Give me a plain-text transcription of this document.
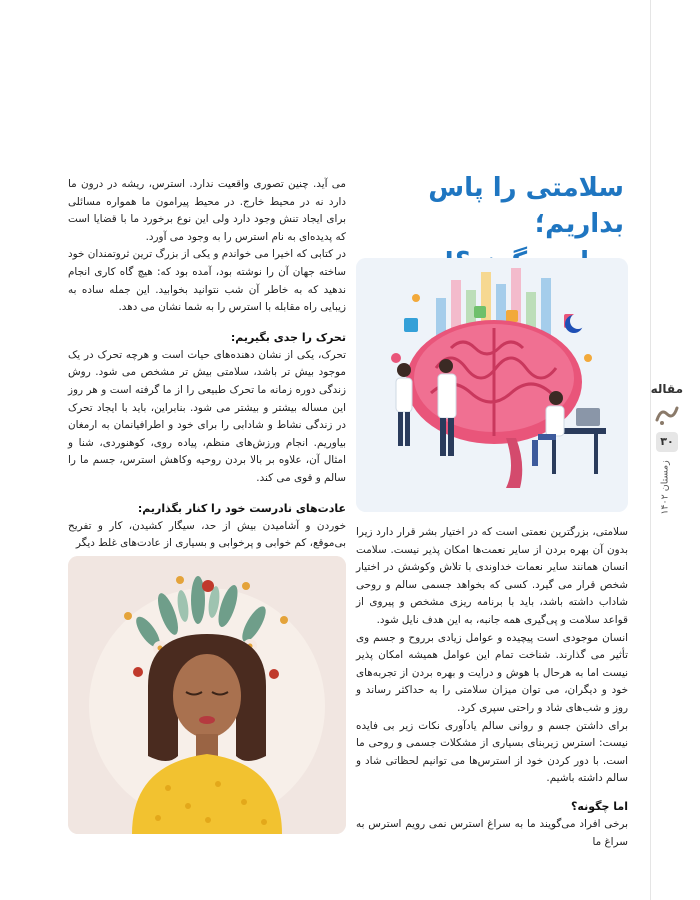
سلامتی را پاس بداریم؛

می آید. چنین تصوری واقعیت ندارد. استرس، ریشه در درون ما دارد نه در محیط خارج. در محیط پیرامون ما همواره مسائلی برای ایجاد تنش وجود دارد ولی این نوع برخورد ما با قضایا است که پدیده‌ای به نام استرس را به وجود می آورد.

در کتابی که اخیرا می خواندم و یکی از بزرگ ترین ثروتمندان خود ساخته جهان آن را نوشته بود، آمده بود که: هیچ گاه کاری انجام ندهید که به خاطر آن شب نتوانید بخوابید. این جمله ساده به زیبایی راه مقابله با استرس را به شما نشان می دهد.

تحرک را جدی بگیریم:

تحرک، یکی از نشان دهنده‌های حیات است و هرچه تحرک در یک موجود بیش تر باشد، سلامتی بیش تر مشخص می شود. روش زندگی دوره زمانه ما تحرک طبیعی را از ما گرفته است و هر روز این مساله بیشتر و بیشتر می شود. بنابراین، باید با ایجاد تحرک در زندگی نشاط و شادابی را برای خود و اطرافیانمان به ارمغان بیاوریم. انجام ورزش‌های منظم، پیاده روی، کوهنوردی، شنا و امثال آن، علاوه بر بالا بردن روحیه وکاهش استرس، جسم ما را سالم و قوی می کند.

عادت‌های نادرست خود را کنار بگذاریم:

خوردن و آشامیدن بیش از حد، سیگار کشیدن، کار و تفریح بی‌موقع، کم خوابی و پرخوابی و بسیاری از عادت‌های غلط دیگر

سلامتی، بزرگترین نعمتی است که در اختیار بشر قرار دارد زیرا بدون آن بهره بردن از سایر نعمت‌ها امکان پذیر نیست. سلامت انسان همانند سایر نعمات خداوندی با تلاش وکوشش در اختیار شخص قرار می گیرد. کسی که بخواهد جسمی سالم و روحی شاداب داشته باشد، باید با برنامه ریزی مشخص و پیروی از قواعد سلامت و پی‌گیری همه جانبه، به این هدف نایل شود.

انسان موجودی است پیچیده و عوامل زیادی برروح و جسم وی تأثیر می گذارند. شناخت تمام این عوامل همیشه امکان پذیر نیست اما به هرحال با هوش و درایت و بهره بردن از تجربه‌های خود و دیگران، می توان میزان سلامتی را به حداکثر رساند و روز و شب‌های شاد و راحتی سپری کرد.

برای داشتن جسم و روانی سالم یادآوری نکات زیر بی فایده نیست: استرس زیربنای بسیاری از مشکلات جسمی و روحی ما است. با دور کردن خود از استرس‌ها می توانیم لحظاتی شاد و سالم داشته باشیم.

اما چگونه؟

برخی افراد می‌گویند ما به سراغ استرس نمی رویم استرس به سراغ ما

مقاله
۳۰
زمستان ۱۴۰۲
